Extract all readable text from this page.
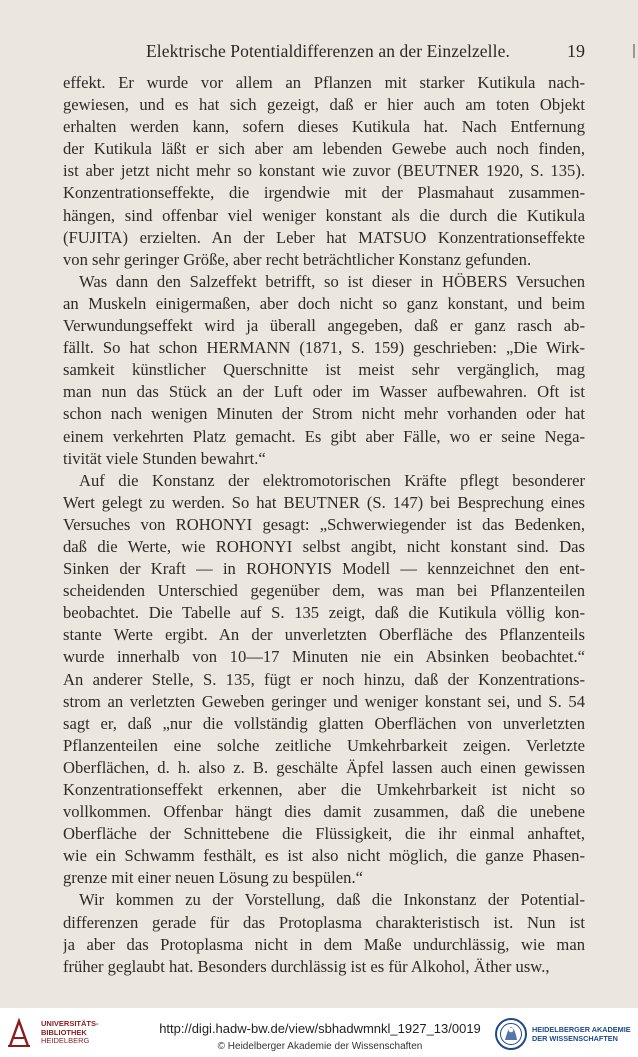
Elektrische Potentialdifferenzen an der Einzelzelle.	19
effekt. Er wurde vor allem an Pflanzen mit starker Kutikula nach-
gewiesen, und es hat sich gezeigt, daß er hier auch am toten Objekt
erhalten werden kann, sofern dieses Kutikula hat. Nach Entfernung
der Kutikula läßt er sich aber am lebenden Gewebe auch noch finden,
ist aber jetzt nicht mehr so konstant wie zuvor (BEUTNER 1920, S. 135).
Konzentrationseffekte, die irgendwie mit der Plasmahaut zusammen-
hängen, sind offenbar viel weniger konstant als die durch die Kutikula
(FUJITA) erzielten. An der Leber hat MATSUO Konzentrationseffekte
von sehr geringer Größe, aber recht beträchtlicher Konstanz gefunden.
Was dann den Salzeffekt betrifft, so ist dieser in HÖBERS Versuchen
an Muskeln einigermaßen, aber doch nicht so ganz konstant, und beim
Verwundungseffekt wird ja überall angegeben, daß er ganz rasch ab-
fällt. So hat schon HERMANN (1871, S. 159) geschrieben: „Die Wirk-
samkeit künstlicher Querschnitte ist meist sehr vergänglich, mag
man nun das Stück an der Luft oder im Wasser aufbewahren. Oft ist
schon nach wenigen Minuten der Strom nicht mehr vorhanden oder hat
einem verkehrten Platz gemacht. Es gibt aber Fälle, wo er seine Nega-
tivität viele Stunden bewahrt.“
Auf die Konstanz der elektromotorischen Kräfte pflegt besonderer
Wert gelegt zu werden. So hat BEUTNER (S. 147) bei Besprechung eines
Versuches von ROHONYI gesagt: „Schwerwiegender ist das Bedenken,
daß die Werte, wie ROHONYI selbst angibt, nicht konstant sind. Das
Sinken der Kraft — in ROHONYIS Modell — kennzeichnet den ent-
scheidenden Unterschied gegenüber dem, was man bei Pflanzenteilen
beobachtet. Die Tabelle auf S. 135 zeigt, daß die Kutikula völlig kon-
stante Werte ergibt. An der unverletzten Oberfläche des Pflanzenteils
wurde innerhalb von 10—17 Minuten nie ein Absinken beobachtet.“
An anderer Stelle, S. 135, fügt er noch hinzu, daß der Konzentrations-
strom an verletzten Geweben geringer und weniger konstant sei, und S. 54
sagt er, daß „nur die vollständig glatten Oberflächen von unverletzten
Pflanzenteilen eine solche zeitliche Umkehrbarkeit zeigen. Verletzte
Oberflächen, d. h. also z. B. geschälte Äpfel lassen auch einen gewissen
Konzentrationseffekt erkennen, aber die Umkehrbarkeit ist nicht so
vollkommen. Offenbar hängt dies damit zusammen, daß die unebene
Oberfläche der Schnittebene die Flüssigkeit, die ihr einmal anhaftet,
wie ein Schwamm festhält, es ist also nicht möglich, die ganze Phasen-
grenze mit einer neuen Lösung zu bespülen.“
Wir kommen zu der Vorstellung, daß die Inkonstanz der Potential-
differenzen gerade für das Protoplasma charakteristisch ist. Nun ist
ja aber das Protoplasma nicht in dem Maße undurchlässig, wie man
früher geglaubt hat. Besonders durchlässig ist es für Alkohol, Äther usw.,
UNIVERSITÄTS-
BIBLIOTHEK
HEIDELBERG
http://digi.hadw-bw.de/view/sbhadwmnkl_1927_13/0019
© Heidelberger Akademie der Wissenschaften
HEIDELBERGER AKADEMIE
DER WISSENSCHAFTEN
